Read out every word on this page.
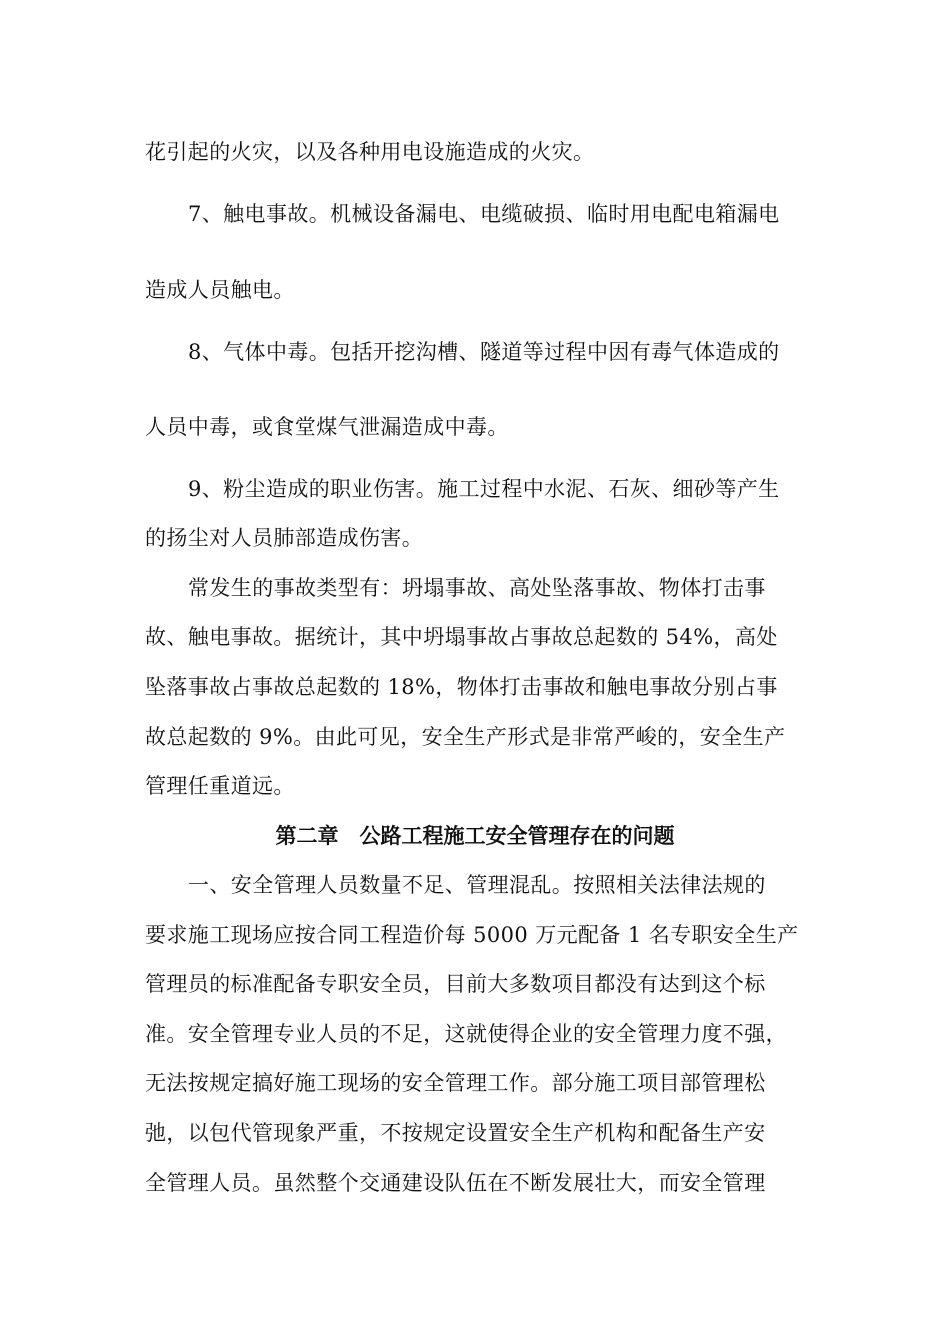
花引起的火灾，以及各种用电设施造成的火灾。
7、触电事故。机械设备漏电、电缆破损、临时用电配电箱漏电
造成人员触电。
8、气体中毒。包括开挖沟槽、隧道等过程中因有毒气体造成的
人员中毒，或食堂煤气泄漏造成中毒。
9、粉尘造成的职业伤害。施工过程中水泥、石灰、细砂等产生
的扬尘对人员肺部造成伤害。
常发生的事故类型有：坍塌事故、高处坠落事故、物体打击事
故、触电事故。据统计，其中坍塌事故占事故总起数的 54%，高处
坠落事故占事故总起数的 18%，物体打击事故和触电事故分别占事
故总起数的 9%。由此可见，安全生产形式是非常严峻的，安全生产
管理任重道远。
第二章　公路工程施工安全管理存在的问题
一、安全管理人员数量不足、管理混乱。按照相关法律法规的
要求施工现场应按合同工程造价每 5000 万元配备 1 名专职安全生产
管理员的标准配备专职安全员，目前大多数项目都没有达到这个标
准。安全管理专业人员的不足，这就使得企业的安全管理力度不强，
无法按规定搞好施工现场的安全管理工作。部分施工项目部管理松
弛，以包代管现象严重，不按规定设置安全生产机构和配备生产安
全管理人员。虽然整个交通建设队伍在不断发展壮大，而安全管理
